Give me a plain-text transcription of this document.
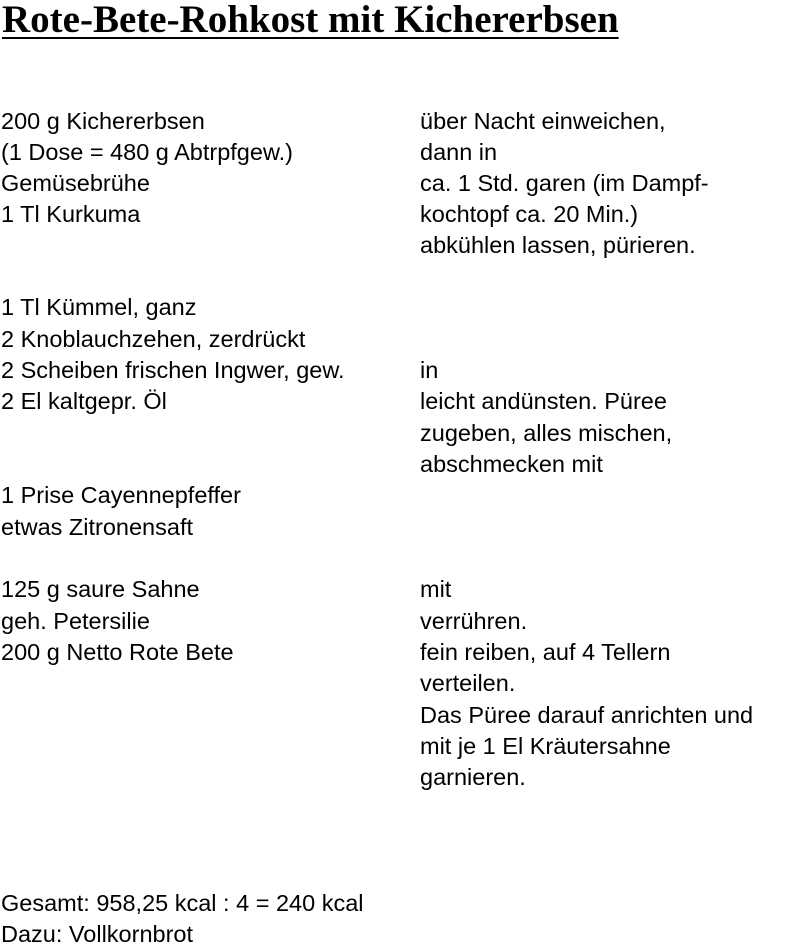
Rote-Bete-Rohkost mit Kichererbsen

200 g Kichererbsen

(1 Dose = 480 g Abtrpfgew.)

Gemüsebrühe

1 Tl Kurkuma

über Nacht einweichen,

dann in

ca. 1 Std. garen (im Dampf-

kochtopf ca. 20 Min.)

abkühlen lassen, pürieren.

1 Tl Kümmel, ganz

2 Knoblauchzehen, zerdrückt

2 Scheiben frischen Ingwer, gew.

2 El kaltgepr. Öl

in

leicht andünsten. Püree

zugeben, alles mischen,

abschmecken mit

1 Prise Cayennepfeffer

etwas Zitronensaft

125 g saure Sahne

geh. Petersilie

200 g Netto Rote Bete

mit

verrühren.

fein reiben, auf 4 Tellern

verteilen.

Das Püree darauf anrichten und

mit je 1 El Kräutersahne

garnieren.

Gesamt: 958,25 kcal : 4 = 240 kcal

Dazu: Vollkornbrot
